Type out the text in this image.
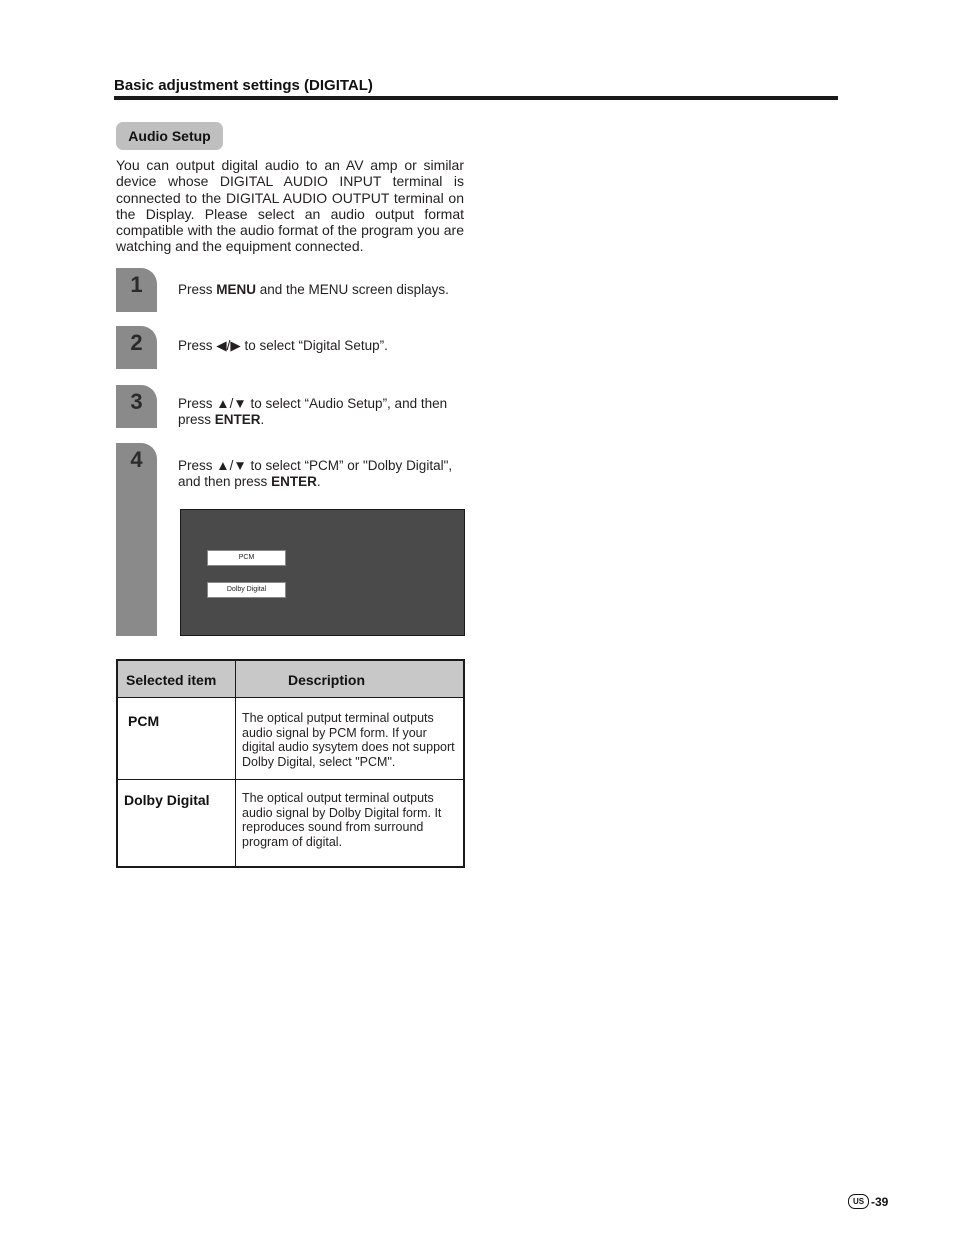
Basic adjustment settings (DIGITAL)
Audio Setup
You can output digital audio to an AV amp or similar device whose DIGITAL AUDIO INPUT terminal is connected to the DIGITAL AUDIO OUTPUT terminal on the Display. Please select an audio output format compatible with the audio format of the program you are watching and the equipment connected.
1	Press MENU and the MENU screen displays.
2	Press ◀/▶ to select “Digital Setup”.
3	Press ▲/▼ to select “Audio Setup”, and then press ENTER.
4	Press ▲/▼ to select “PCM” or "Dolby Digital", and then press ENTER.
PCM
Dolby Digital
Selected item	Description
PCM	The optical putput terminal outputs audio signal by PCM form. If your digital audio sysytem does not support Dolby Digital, select "PCM".
Dolby Digital	The optical output terminal outputs audio signal by Dolby Digital form. It reproduces sound from surround program of digital.
US -39
